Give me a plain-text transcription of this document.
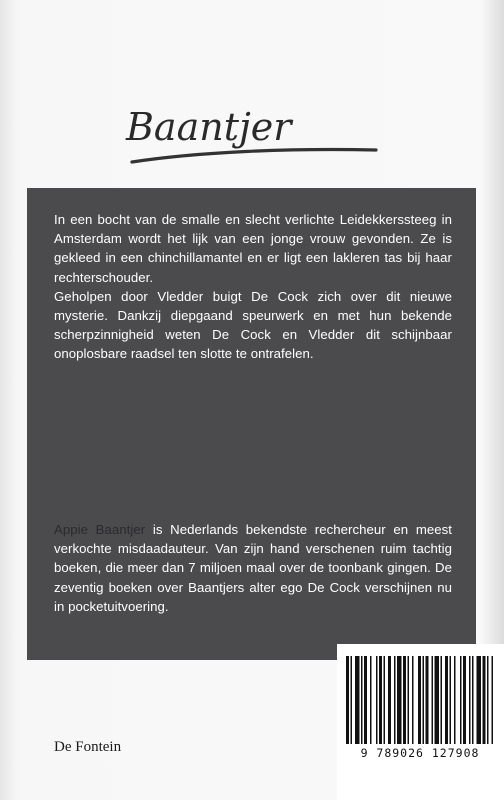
Baantjer

In een bocht van de smalle en slecht verlichte Leidekkerssteeg in Amsterdam wordt het lijk van een jonge vrouw gevonden. Ze is gekleed in een chinchillamantel en er ligt een lakleren tas bij haar rechterschouder.

Geholpen door Vledder buigt De Cock zich over dit nieuwe mysterie. Dankzij diepgaand speurwerk en met hun bekende scherpzinnigheid weten De Cock en Vledder dit schijnbaar onoplosbare raadsel ten slotte te ontrafelen.

Appie Baantjer is Nederlands bekendste rechercheur en meest verkochte misdaadauteur. Van zijn hand verschenen ruim tachtig boeken, die meer dan 7 miljoen maal over de toonbank gingen. De zeventig boeken over Baantjers alter ego De Cock verschijnen nu in pocketuitvoering.
9 789026 127908
De Fontein
